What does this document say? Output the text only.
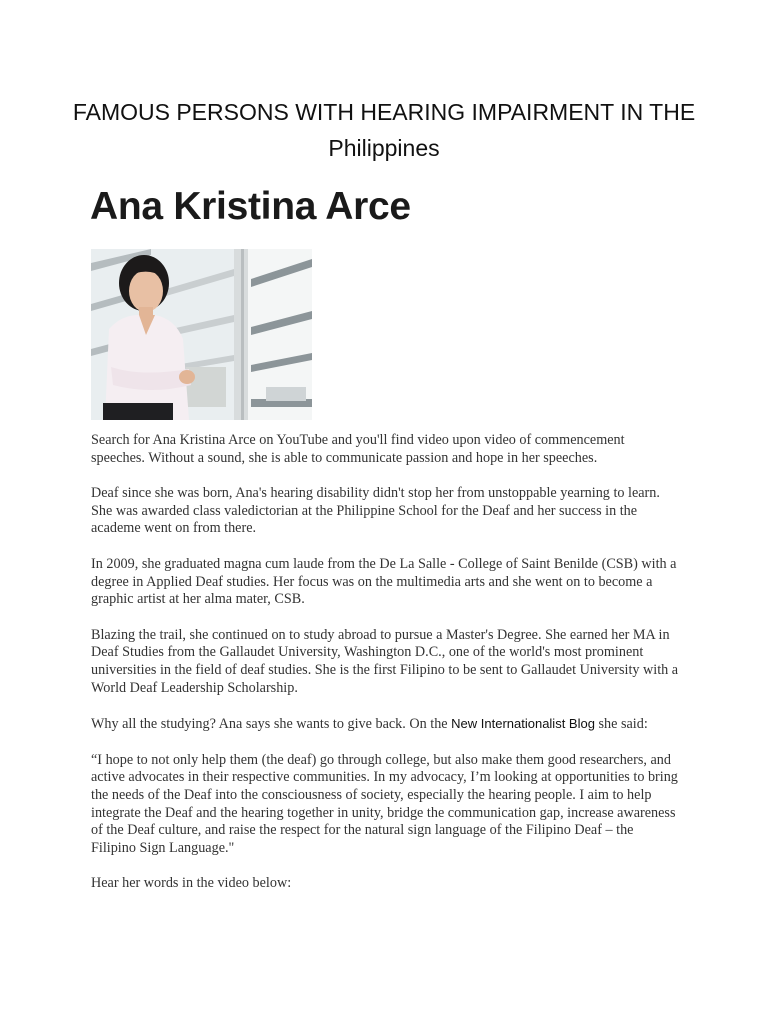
FAMOUS PERSONS WITH HEARING IMPAIRMENT IN THE Philippines
Ana Kristina Arce

Search for Ana Kristina Arce on YouTube and you'll find video upon video of commencement speeches. Without a sound, she is able to communicate passion and hope in her speeches.

Deaf since she was born, Ana's hearing disability didn't stop her from unstoppable yearning to learn. She was awarded class valedictorian at the Philippine School for the Deaf and her success in the academe went on from there.

In 2009, she graduated magna cum laude from the De La Salle - College of Saint Benilde (CSB) with a degree in Applied Deaf studies. Her focus was on the multimedia arts and she went on to become a graphic artist at her alma mater, CSB.

Blazing the trail, she continued on to study abroad to pursue a Master's Degree. She earned her MA in Deaf Studies from the Gallaudet University, Washington D.C., one of the world's most prominent universities in the field of deaf studies. She is the first Filipino to be sent to Gallaudet University with a World Deaf Leadership Scholarship.

Why all the studying? Ana says she wants to give back. On the New Internationalist Blog she said:

“I hope to not only help them (the deaf) go through college, but also make them good researchers, and active advocates in their respective communities. In my advocacy, I’m looking at opportunities to bring the needs of the Deaf into the consciousness of society, especially the hearing people. I aim to help integrate the Deaf and the hearing together in unity, bridge the communication gap, increase awareness of the Deaf culture, and raise the respect for the natural sign language of the Filipino Deaf – the Filipino Sign Language."

Hear her words in the video below:
